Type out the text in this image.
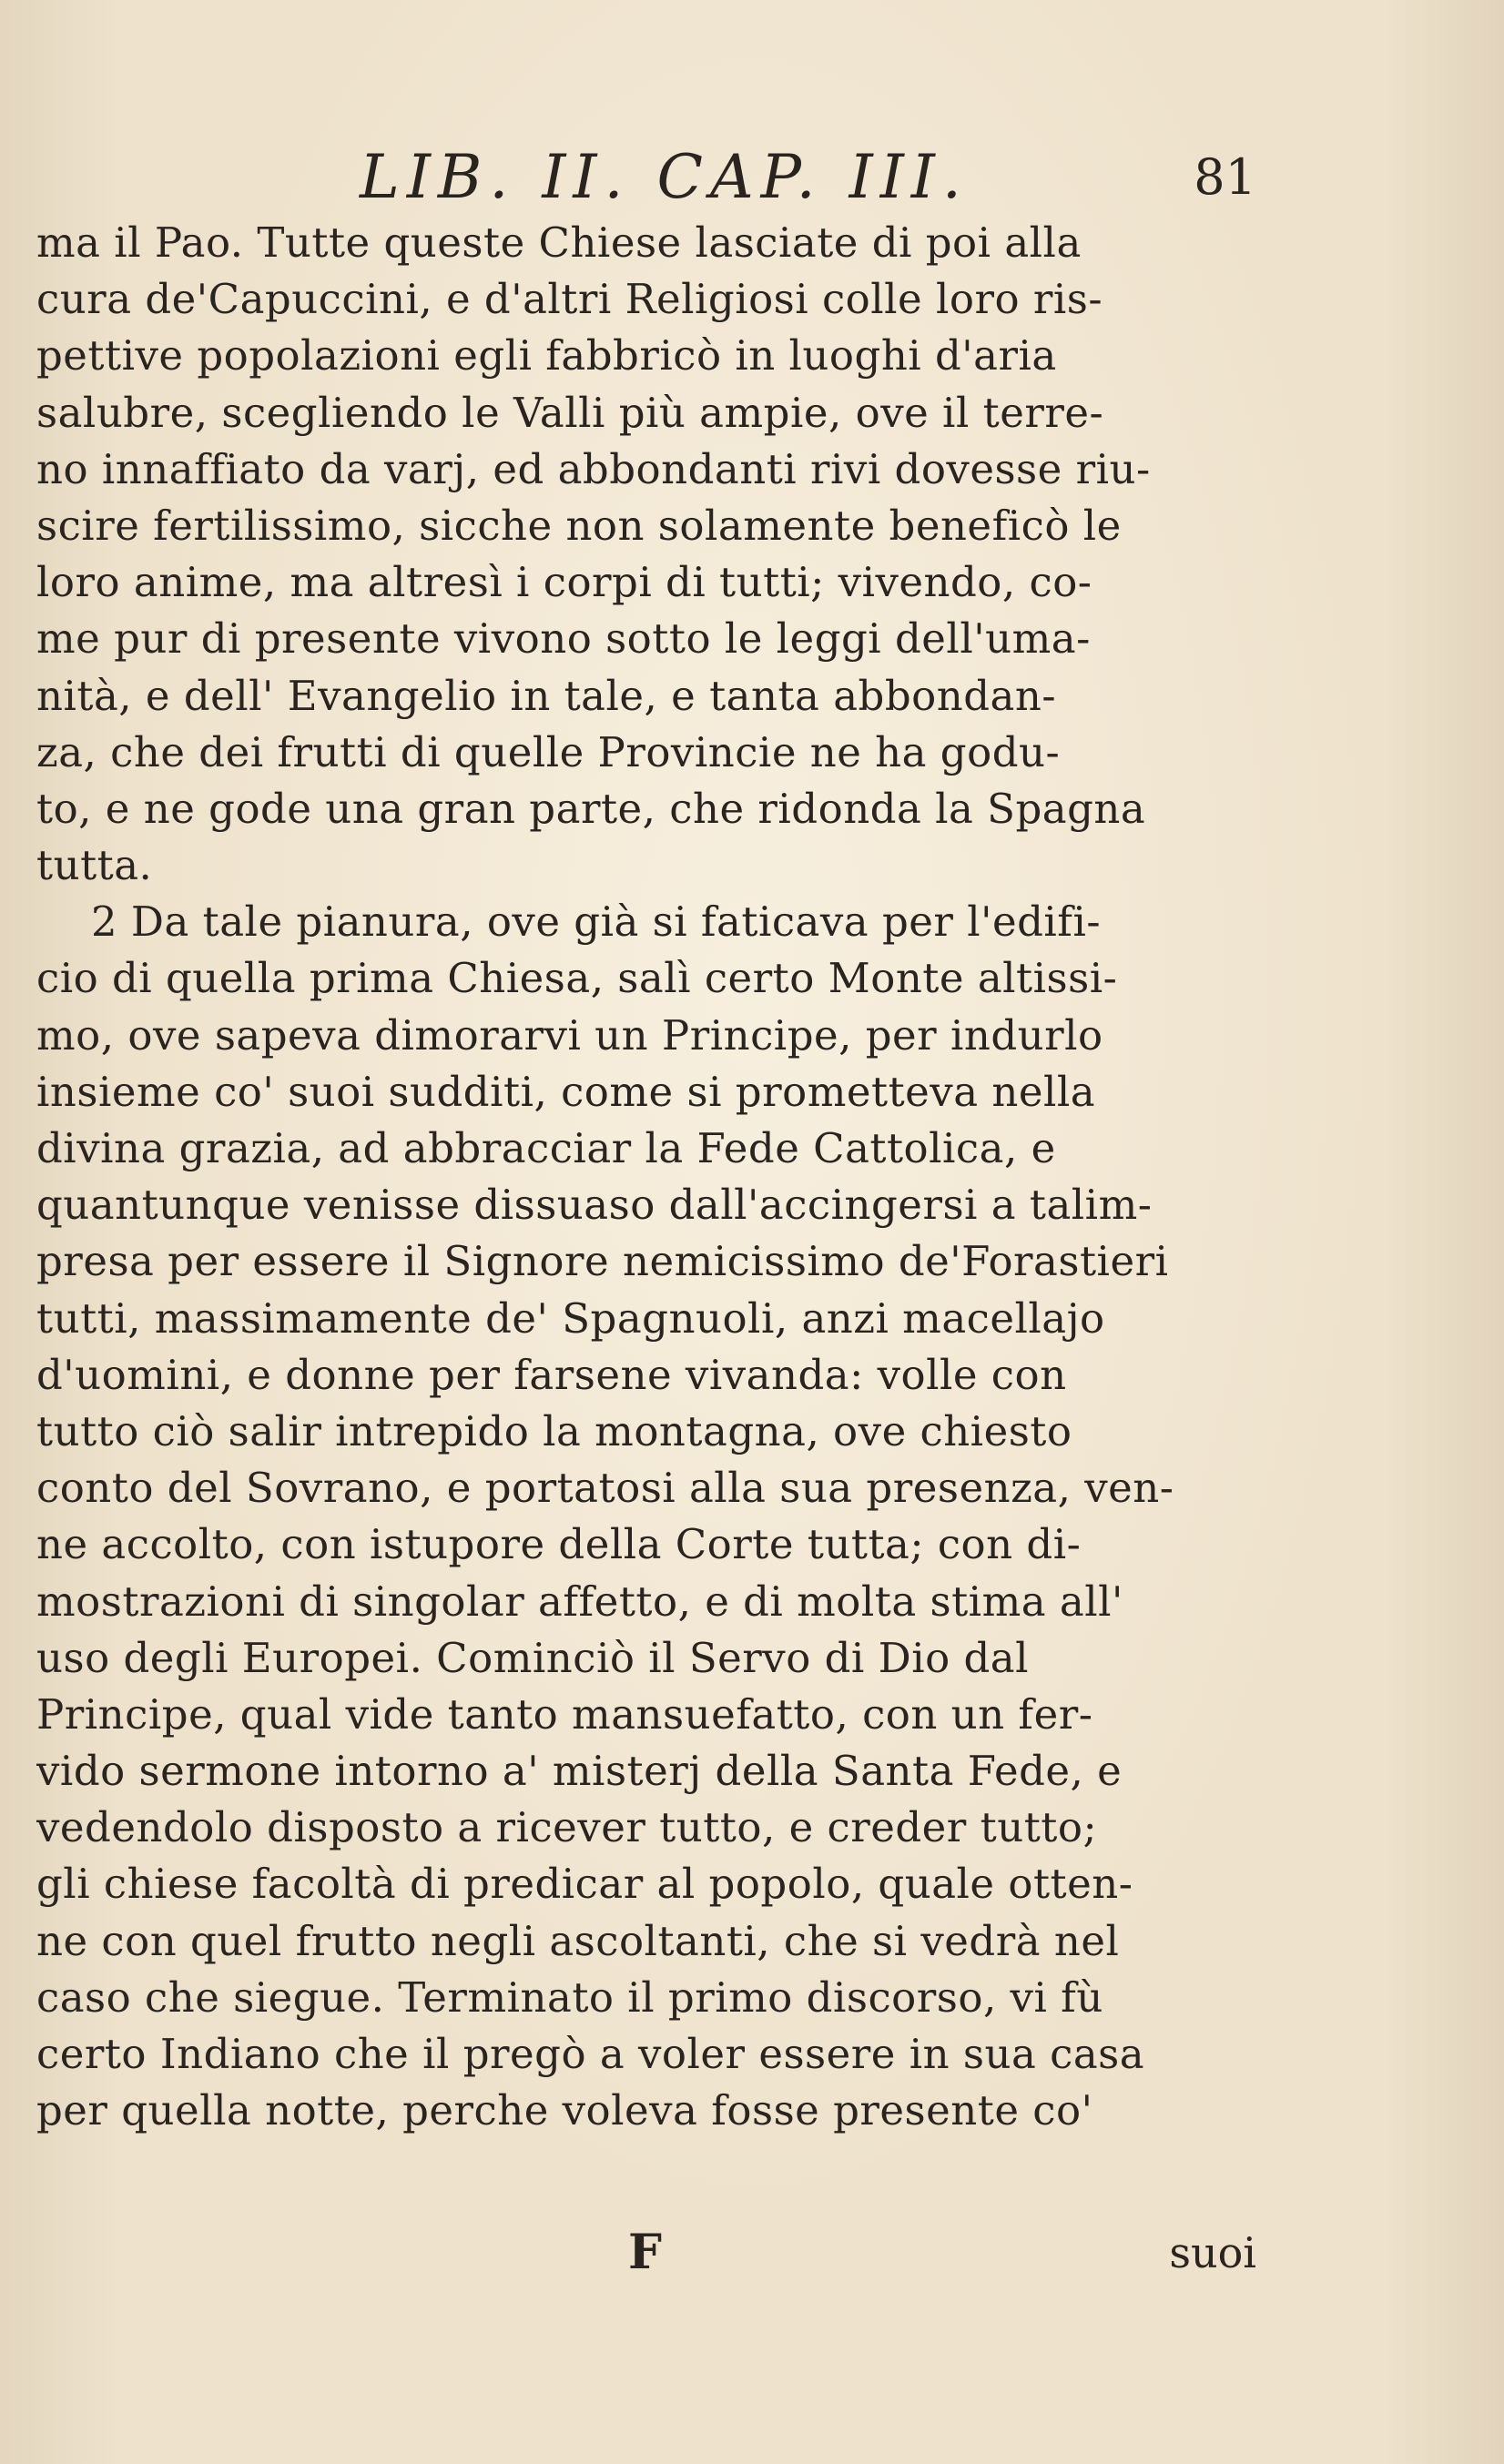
LIB. II. CAP. III.	81
ma il Pao. Tutte queste Chiese lasciate di poi alla
cura de'Capuccini, e d'altri Religiosi colle loro ris-
pettive popolazioni egli fabbricò in luoghi d'aria
salubre, scegliendo le Valli più ampie, ove il terre-
no innaffiato da varj, ed abbondanti rivi dovesse riu-
scire fertilissimo, sicche non solamente beneficò le
loro anime, ma altresì i corpi di tutti; vivendo, co-
me pur di presente vivono sotto le leggi dell'uma-
nità, e dell' Evangelio in tale, e tanta abbondan-
za, che dei frutti di quelle Provincie ne ha godu-
to, e ne gode una gran parte, che ridonda la Spagna
tutta.
2 Da tale pianura, ove già si faticava per l'edifi-
cio di quella prima Chiesa, salì certo Monte altissi-
mo, ove sapeva dimorarvi un Principe, per indurlo
insieme co' suoi sudditi, come si prometteva nella
divina grazia, ad abbracciar la Fede Cattolica, e
quantunque venisse dissuaso dall'accingersi a talim-
presa per essere il Signore nemicissimo de'Forastieri
tutti, massimamente de' Spagnuoli, anzi macellajo
d'uomini, e donne per farsene vivanda: volle con
tutto ciò salir intrepido la montagna, ove chiesto
conto del Sovrano, e portatosi alla sua presenza, ven-
ne accolto, con istupore della Corte tutta; con di-
mostrazioni di singolar affetto, e di molta stima all'
uso degli Europei. Cominciò il Servo di Dio dal
Principe, qual vide tanto mansuefatto, con un fer-
vido sermone intorno a' misterj della Santa Fede, e
vedendolo disposto a ricever tutto, e creder tutto;
gli chiese facoltà di predicar al popolo, quale otten-
ne con quel frutto negli ascoltanti, che si vedrà nel
caso che siegue. Terminato il primo discorso, vi fù
certo Indiano che il pregò a voler essere in sua casa
per quella notte, perche voleva fosse presente co'
F	suoi
